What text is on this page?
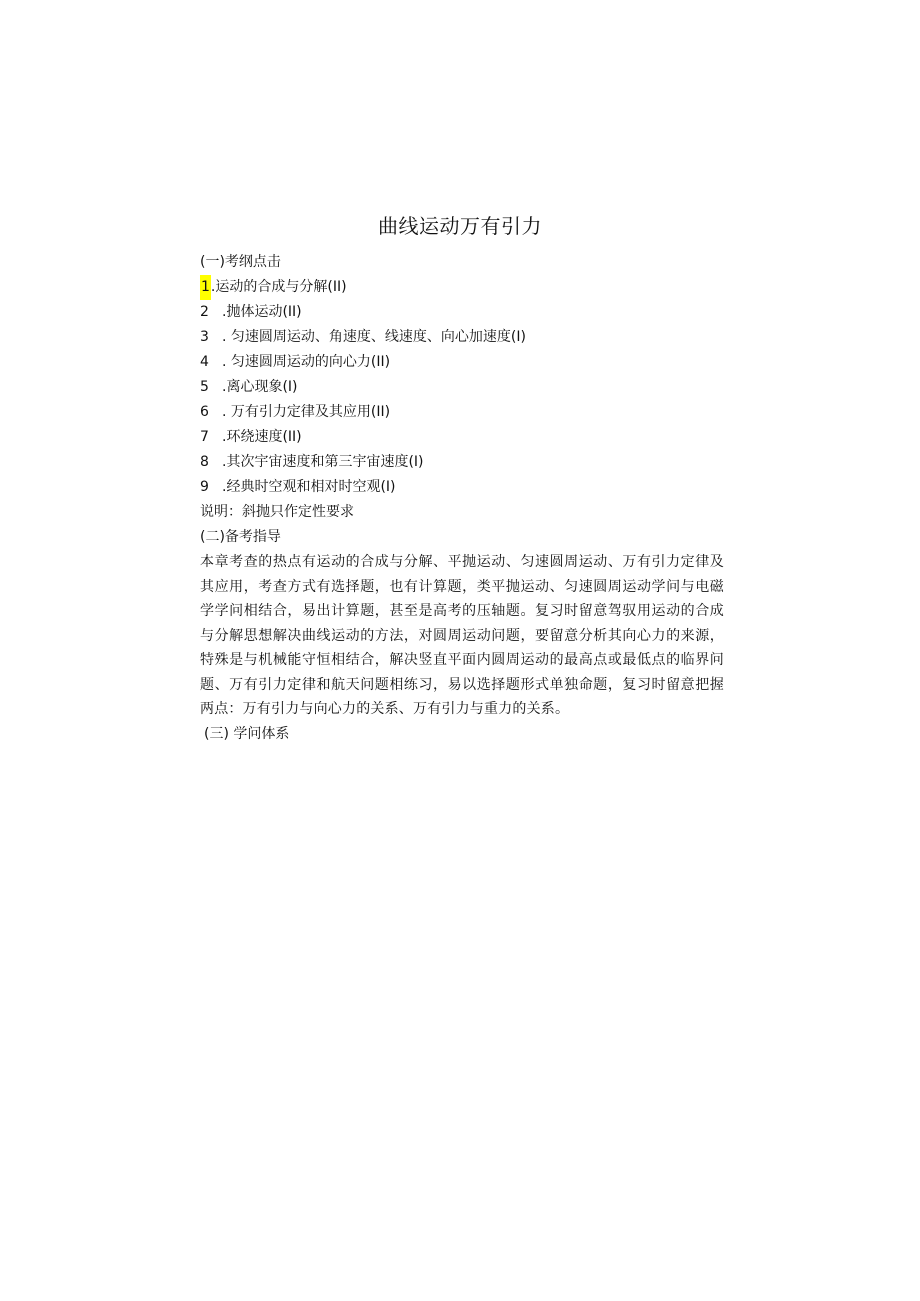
曲线运动万有引力
(一)考纲点击
1.运动的合成与分解(II)
2 .抛体运动(II)
3 . 匀速圆周运动、角速度、线速度、向心加速度(I)
4 . 匀速圆周运动的向心力(II)
5 .离心现象(I)
6 . 万有引力定律及其应用(II)
7 .环绕速度(II)
8 .其次宇宙速度和第三宇宙速度(I)
9 .经典时空观和相对时空观(I)
说明：斜抛只作定性要求
(二)备考指导

本章考查的热点有运动的合成与分解、平抛运动、匀速圆周运动、万有引力定律及其应用，考查方式有选择题，也有计算题，类平抛运动、匀速圆周运动学问与电磁学学问相结合，易出计算题，甚至是高考的压轴题。复习时留意驾驭用运动的合成与分解思想解决曲线运动的方法，对圆周运动问题，要留意分析其向心力的来源，特殊是与机械能守恒相结合，解决竖直平面内圆周运动的最高点或最低点的临界问题、万有引力定律和航天问题相练习，易以选择题形式单独命题，复习时留意把握两点：万有引力与向心力的关系、万有引力与重力的关系。

(三) 学问体系
